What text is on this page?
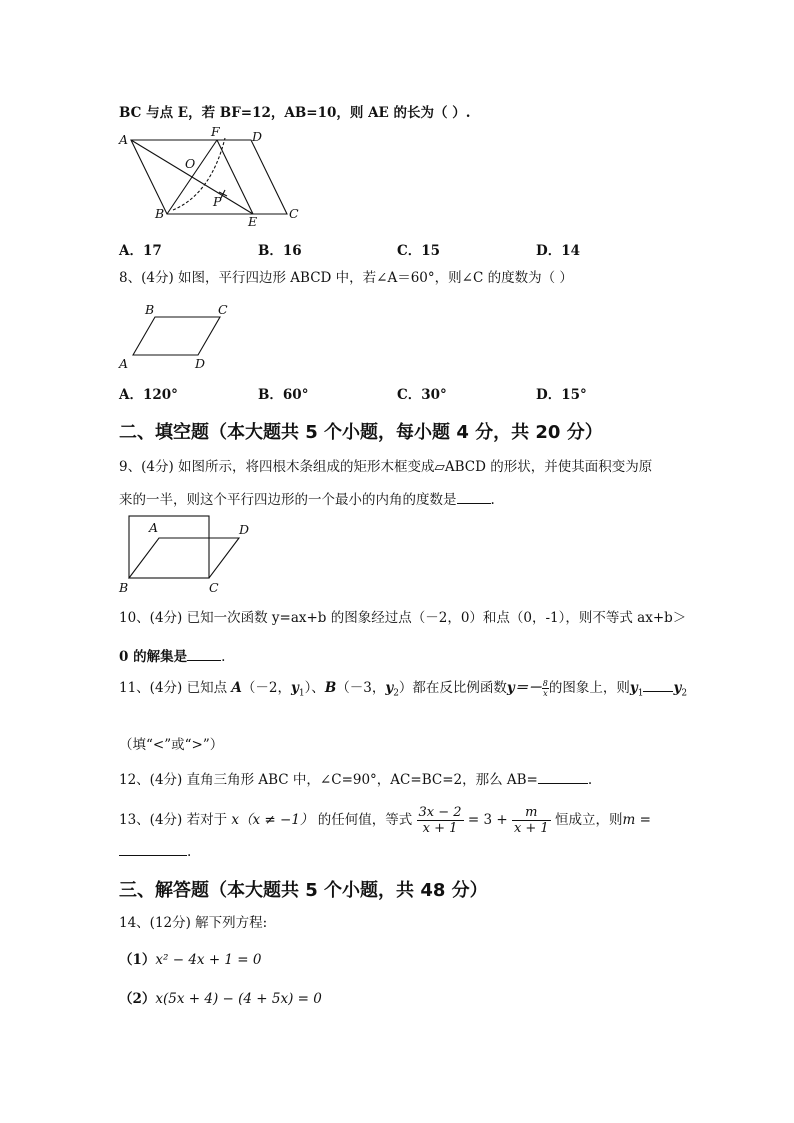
BC 与点 E，若 BF=12，AB=10，则 AE 的长为（ ）.
A
F	D
O
P
B
E
C
A．17	B．16	C．15	D．14
8、(4分) 如图，平行四边形 ABCD 中，若∠A＝60°，则∠C 的度数为（ ）
B	C
A	D
A．120°	B．60°	C．30°	D．15°
二、填空题（本大题共 5 个小题，每小题 4 分，共 20 分）
9、(4分) 如图所示，将四根木条组成的矩形木框变成▱ABCD 的形状，并使其面积变为原
来的一半，则这个平行四边形的一个最小的内角的度数是	.
A	D
B	C
10、(4分) 已知一次函数 y=ax+b 的图象经过点（－2，0）和点（0，-1），则不等式 ax+b＞
0 的解集是	.
11、(4分) 已知点 A（－2，$y_1$）、B（－3，$y_2$）都在反比例函数$y=- \frac{8}{x}$的图象上，则$y_1$ $y_2$
（填“<”或“>”）
12、(4分) 直角三角形 ABC 中，∠C=90°，AC=BC=2，那么 AB=	.
13、(4分) 若对于 x（x ≠ −1） 的任何值，等式 $\frac{3x - 2}{x + 1} = 3 + \frac{m}{x + 1}$ 恒成立，则m =
.
三、解答题（本大题共 5 个小题，共 48 分）
14、(12分) 解下列方程:
（1）x² − 4x + 1 = 0
（2）x(5x + 4) − (4 + 5x) = 0
